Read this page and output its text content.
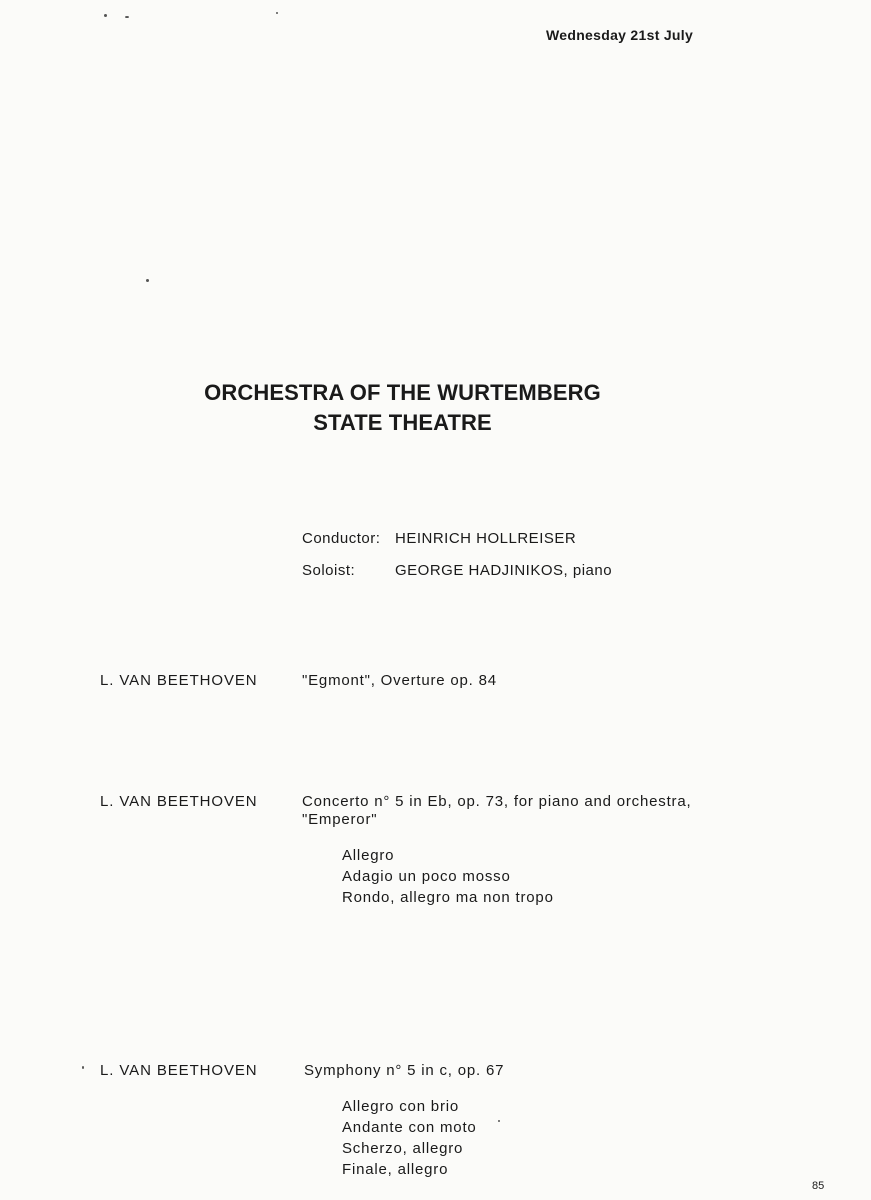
Wednesday 21st July
ORCHESTRA OF THE WURTEMBERG
STATE THEATRE
Conductor: HEINRICH HOLLREISER
Soloist:	GEORGE HADJINIKOS, piano
L. VAN BEETHOVEN	"Egmont", Overture op. 84
L. VAN BEETHOVEN	Concerto n° 5 in Eb, op. 73, for piano and orchestra,
"Emperor"
Allegro
Adagio un poco mosso
Rondo, allegro ma non tropo
L. VAN BEETHOVEN	Symphony n° 5 in c, op. 67
Allegro con brio
Andante con moto
Scherzo, allegro
Finale, allegro
85
